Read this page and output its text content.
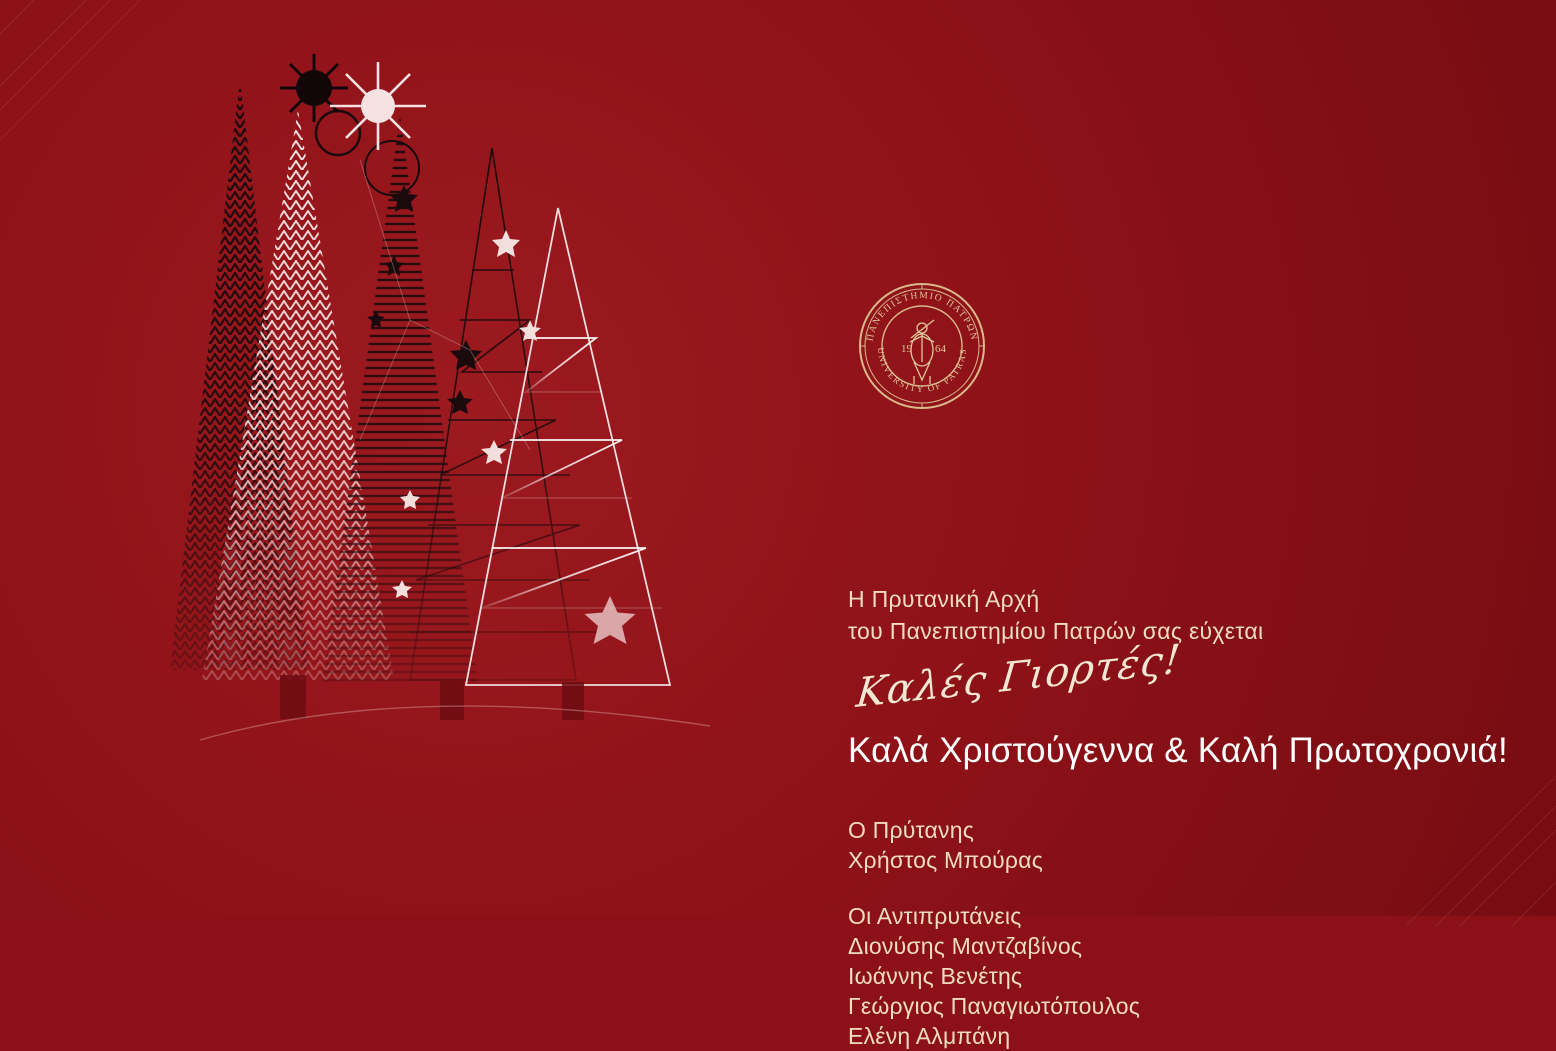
ΠΑΝΕΠΙΣΤΗΜΙΟ ΠΑΤΡΩΝ
UNIVERSITY OF PATRAS
19 64
Η Πρυτανική Αρχή
του Πανεπιστημίου Πατρών σας εύχεται
Καλές Γιορτές!
Καλά Χριστούγεννα & Καλή Πρωτοχρονιά!
Ο Πρύτανης
Χρήστος Μπούρας
Οι Αντιπρυτάνεις
Διονύσης Μαντζαβίνος
Ιωάννης Βενέτης
Γεώργιος Παναγιωτόπουλος
Ελένη Αλμπάνη
